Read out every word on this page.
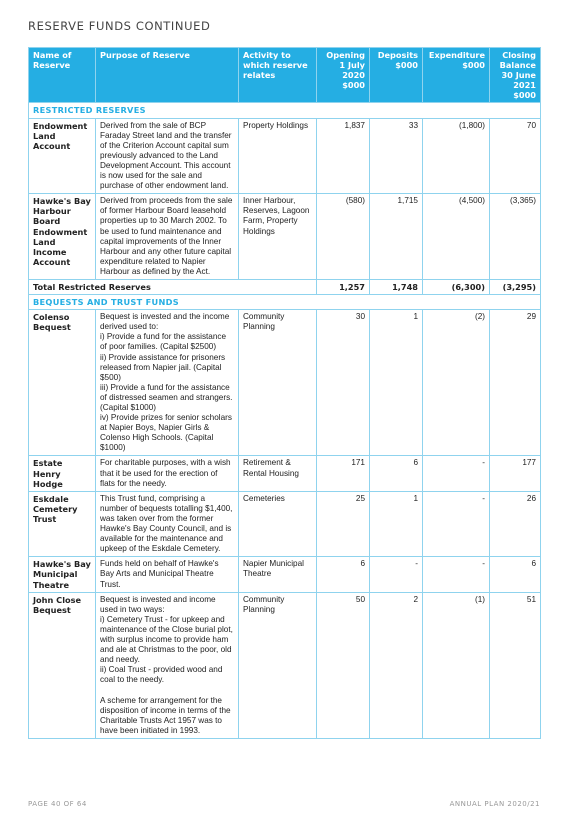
RESERVE FUNDS CONTINUED
Name of Reserve	Purpose of Reserve	Activity to which reserve relates	Opening 1 July 2020 $000	Deposits $000	Expenditure $000	Closing Balance 30 June 2021 $000
RESTRICTED RESERVES						
Endowment Land Account	Derived from the sale of BCP Faraday Street land and the transfer of the Criterion Account capital sum previously advanced to the Land Development Account. This account is now used for the sale and purchase of other endowment land.	Property Holdings	1,837	33	(1,800)	70
Hawke's Bay Harbour Board Endowment Land Income Account	Derived from proceeds from the sale of former Harbour Board leasehold properties up to 30 March 2002. To be used to fund maintenance and capital improvements of the Inner Harbour and any other future capital expenditure related to Napier Harbour as defined by the Act.	Inner Harbour, Reserves, Lagoon Farm, Property Holdings	(580)	1,715	(4,500)	(3,365)
Total Restricted Reserves			1,257	1,748	(6,300)	(3,295)
BEQUESTS AND TRUST FUNDS						
Colenso Bequest	Bequest is invested and the income derived used to:
i) Provide a fund for the assistance of poor families. (Capital $2500)
ii) Provide assistance for prisoners released from Napier jail. (Capital $500)
iii) Provide a fund for the assistance of distressed seamen and strangers. (Capital $1000)
iv) Provide prizes for senior scholars at Napier Boys, Napier Girls & Colenso High Schools. (Capital $1000)	Community Planning	30	1	(2)	29
Estate Henry Hodge	For charitable purposes, with a wish that it be used for the erection of flats for the needy.	Retirement & Rental Housing	171	6	-	177
Eskdale Cemetery Trust	This Trust fund, comprising a number of bequests totalling $1,400, was taken over from the former Hawke's Bay County Council, and is available for the maintenance and upkeep of the Eskdale Cemetery.	Cemeteries	25	1	-	26
Hawke's Bay Municipal Theatre	Funds held on behalf of Hawke's Bay Arts and Municipal Theatre Trust.	Napier Municipal Theatre	6	-	-	6
John Close Bequest	Bequest is invested and income used in two ways:
i) Cemetery Trust - for upkeep and maintenance of the Close burial plot, with surplus income to provide ham and ale at Christmas to the poor, old and needy.
ii) Coal Trust - provided wood and coal to the needy.

A scheme for arrangement for the disposition of income in terms of the Charitable Trusts Act 1957 was to have been initiated in 1993.	Community Planning	50	2	(1)	51
PAGE 40 OF 64	ANNUAL PLAN 2020/21
